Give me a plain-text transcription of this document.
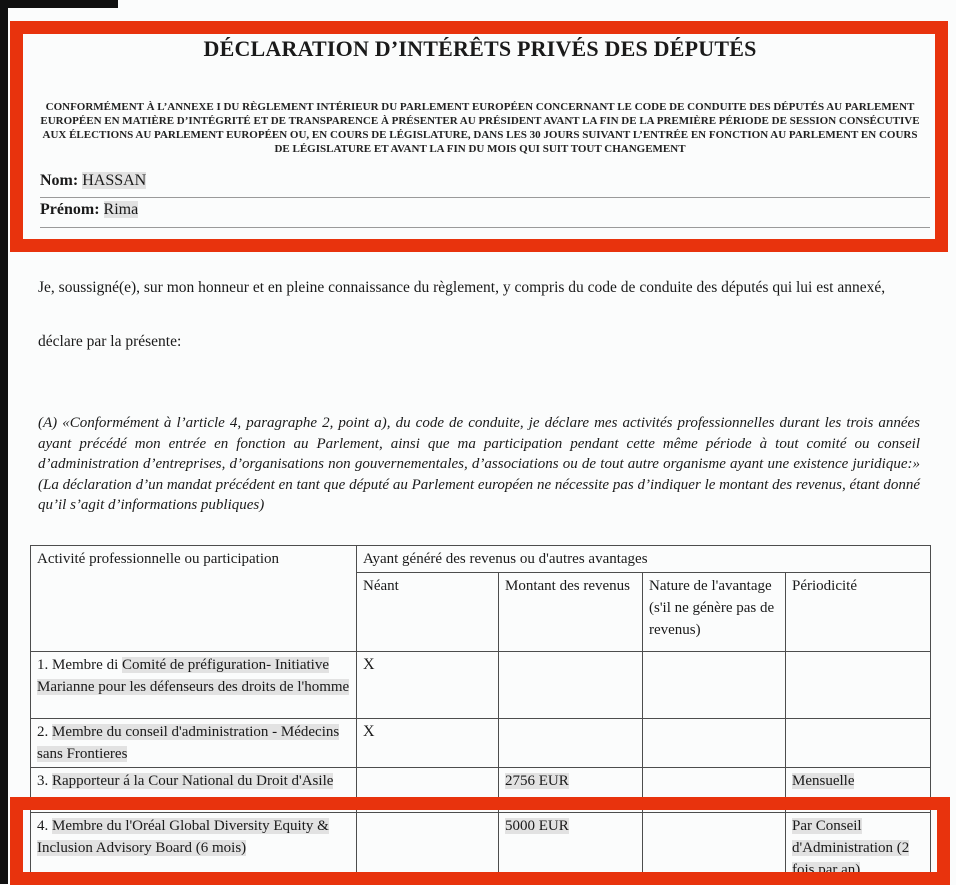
DÉCLARATION D’INTÉRÊTS PRIVÉS DES DÉPUTÉS
CONFORMÉMENT À L’ANNEXE I DU RÈGLEMENT INTÉRIEUR DU PARLEMENT EUROPÉEN CONCERNANT LE CODE DE CONDUITE DES DÉPUTÉS AU PARLEMENT EUROPÉEN EN MATIÈRE D’INTÉGRITÉ ET DE TRANSPARENCE À PRÉSENTER AU PRÉSIDENT AVANT LA FIN DE LA PREMIÈRE PÉRIODE DE SESSION CONSÉCUTIVE AUX ÉLECTIONS AU PARLEMENT EUROPÉEN OU, EN COURS DE LÉGISLATURE, DANS LES 30 JOURS SUIVANT L’ENTRÉE EN FONCTION AU PARLEMENT EN COURS DE LÉGISLATURE ET AVANT LA FIN DU MOIS QUI SUIT TOUT CHANGEMENT
Nom: HASSAN
Prénom: Rima
Je, soussigné(e), sur mon honneur et en pleine connaissance du règlement, y compris du code de conduite des députés qui lui est annexé,
déclare par la présente:
(A) «Conformément à l’article 4, paragraphe 2, point a), du code de conduite, je déclare mes activités professionnelles durant les trois années ayant précédé mon entrée en fonction au Parlement, ainsi que ma participation pendant cette même période à tout comité ou conseil d’administration d’entreprises, d’organisations non gouvernementales, d’associations ou de tout autre organisme ayant une existence juridique:» (La déclaration d’un mandat précédent en tant que député au Parlement européen ne nécessite pas d’indiquer le montant des revenus, étant donné qu’il s’agit d’informations publiques)
Activité professionnelle ou participation	Ayant généré des revenus ou d'autres avantages			
	Néant	Montant des revenus	Nature de l'avantage (s'il ne génère pas de revenus)	Périodicité
1. Membre di Comité de préfiguration- Initiative Marianne pour les défenseurs des droits de l'homme	X			
2. Membre du conseil d'administration - Médecins sans Frontieres	X			
3. Rapporteur á la Cour National du Droit d'Asile		2756 EUR		Mensuelle
4. Membre du l'Oréal Global Diversity Equity & Inclusion Advisory Board (6 mois)		5000 EUR		Par Conseil d'Administration (2 fois par an)
